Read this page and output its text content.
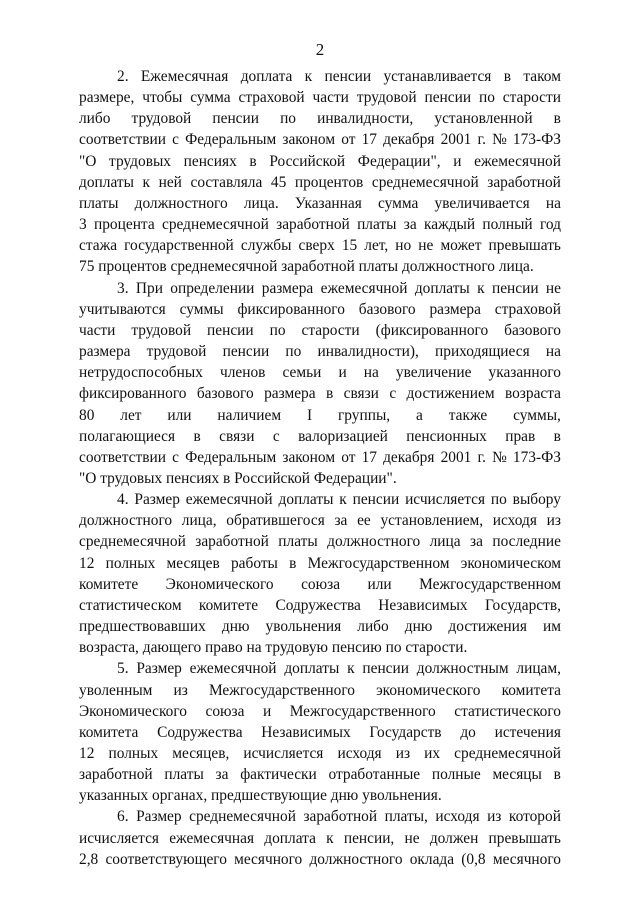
2
2. Ежемесячная доплата к пенсии устанавливается в таком
размере, чтобы сумма страховой части трудовой пенсии по старости
либо трудовой пенсии по инвалидности, установленной в
соответствии с Федеральным законом от 17 декабря 2001 г. № 173-ФЗ
"О трудовых пенсиях в Российской Федерации", и ежемесячной
доплаты к ней составляла 45 процентов среднемесячной заработной
платы должностного лица. Указанная сумма увеличивается на
3 процента среднемесячной заработной платы за каждый полный год
стажа государственной службы сверх 15 лет, но не может превышать
75 процентов среднемесячной заработной платы должностного лица.
3. При определении размера ежемесячной доплаты к пенсии не
учитываются суммы фиксированного базового размера страховой
части трудовой пенсии по старости (фиксированного базового
размера трудовой пенсии по инвалидности), приходящиеся на
нетрудоспособных членов семьи и на увеличение указанного
фиксированного базового размера в связи с достижением возраста
80 лет или наличием I группы, а также суммы,
полагающиеся в связи с валоризацией пенсионных прав в
соответствии с Федеральным законом от 17 декабря 2001 г. № 173-ФЗ
"О трудовых пенсиях в Российской Федерации".
4. Размер ежемесячной доплаты к пенсии исчисляется по выбору
должностного лица, обратившегося за ее установлением, исходя из
среднемесячной заработной платы должностного лица за последние
12 полных месяцев работы в Межгосударственном экономическом
комитете Экономического союза или Межгосударственном
статистическом комитете Содружества Независимых Государств,
предшествовавших дню увольнения либо дню достижения им
возраста, дающего право на трудовую пенсию по старости.
5. Размер ежемесячной доплаты к пенсии должностным лицам,
уволенным из Межгосударственного экономического комитета
Экономического союза и Межгосударственного статистического
комитета Содружества Независимых Государств до истечения
12 полных месяцев, исчисляется исходя из их среднемесячной
заработной платы за фактически отработанные полные месяцы в
указанных органах, предшествующие дню увольнения.
6. Размер среднемесячной заработной платы, исходя из которой
исчисляется ежемесячная доплата к пенсии, не должен превышать
2,8 соответствующего месячного должностного оклада (0,8 месячного
